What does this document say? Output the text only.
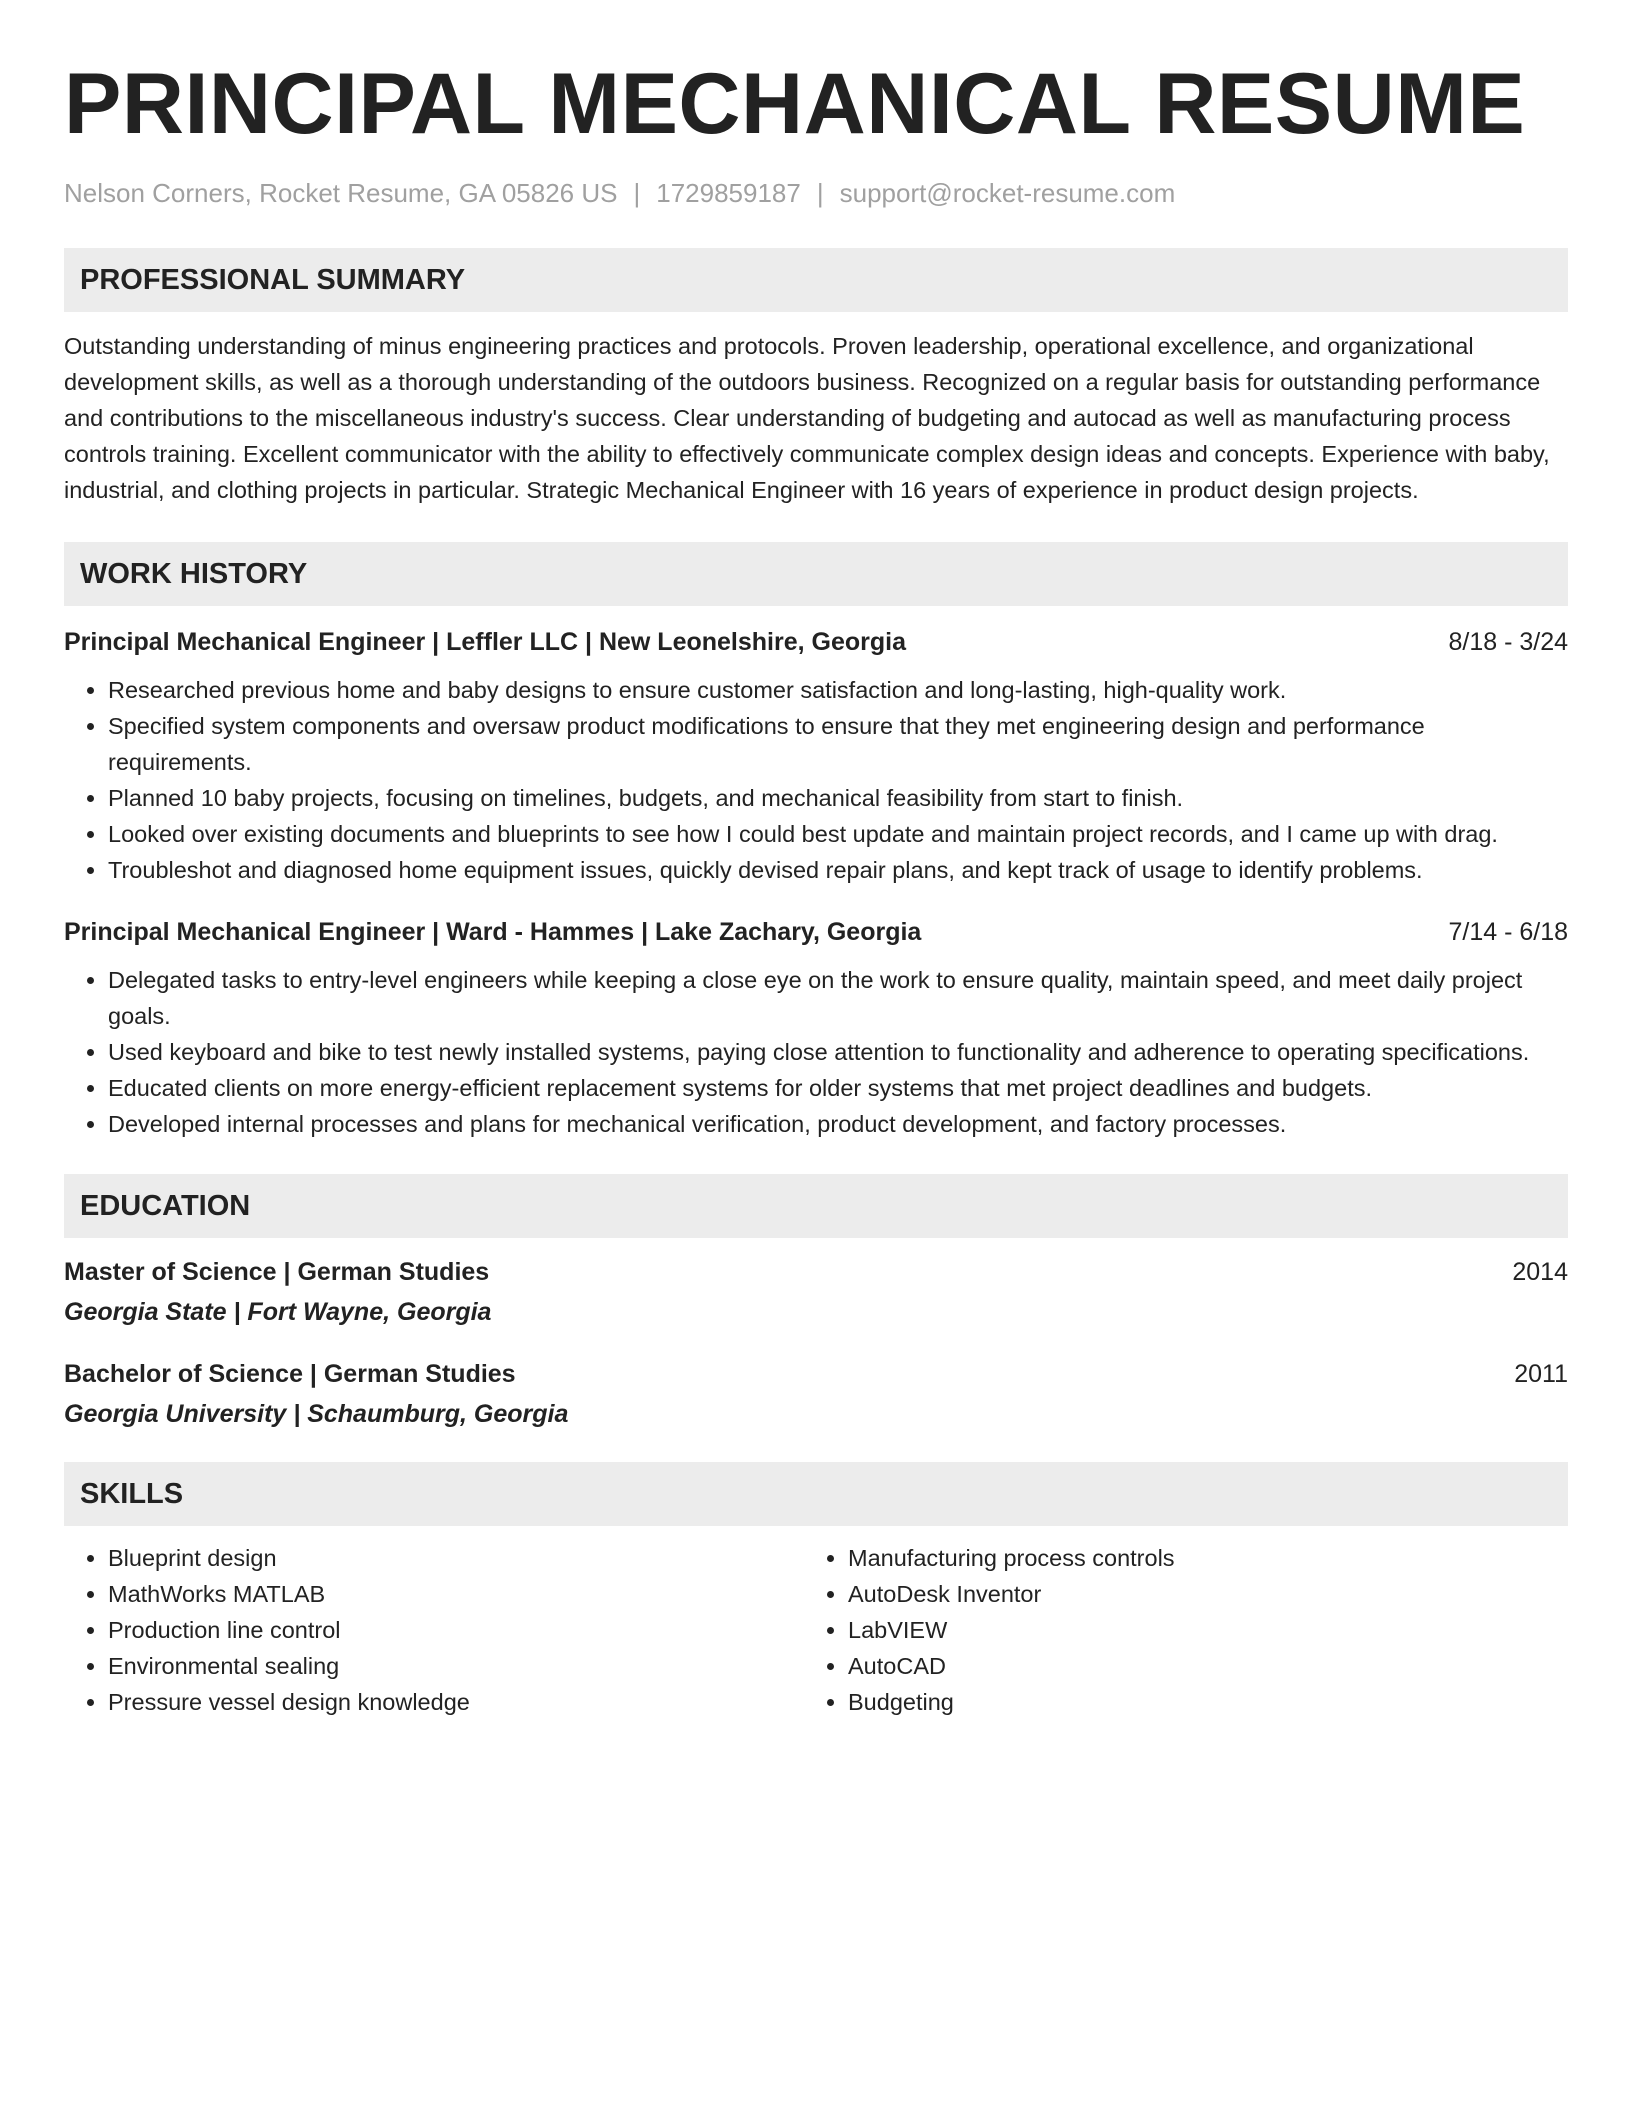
PRINCIPAL MECHANICAL RESUME
Nelson Corners, Rocket Resume, GA 05826 US | 1729859187 | support@rocket-resume.com
PROFESSIONAL SUMMARY

Outstanding understanding of minus engineering practices and protocols. Proven leadership, operational excellence, and organizational development skills, as well as a thorough understanding of the outdoors business. Recognized on a regular basis for outstanding performance and contributions to the miscellaneous industry's success. Clear understanding of budgeting and autocad as well as manufacturing process controls training. Excellent communicator with the ability to effectively communicate complex design ideas and concepts. Experience with baby, industrial, and clothing projects in particular. Strategic Mechanical Engineer with 16 years of experience in product design projects.

WORK HISTORY
Principal Mechanical Engineer | Leffler LLC | New Leonelshire, Georgia	8/18 - 3/24
• Researched previous home and baby designs to ensure customer satisfaction and long-lasting, high-quality work.
• Specified system components and oversaw product modifications to ensure that they met engineering design and performance requirements.
• Planned 10 baby projects, focusing on timelines, budgets, and mechanical feasibility from start to finish.
• Looked over existing documents and blueprints to see how I could best update and maintain project records, and I came up with drag.
• Troubleshot and diagnosed home equipment issues, quickly devised repair plans, and kept track of usage to identify problems.
Principal Mechanical Engineer | Ward - Hammes | Lake Zachary, Georgia	7/14 - 6/18
• Delegated tasks to entry-level engineers while keeping a close eye on the work to ensure quality, maintain speed, and meet daily project goals.
• Used keyboard and bike to test newly installed systems, paying close attention to functionality and adherence to operating specifications.
• Educated clients on more energy-efficient replacement systems for older systems that met project deadlines and budgets.
• Developed internal processes and plans for mechanical verification, product development, and factory processes.
EDUCATION
Master of Science | German Studies	2014
Georgia State | Fort Wayne, Georgia
Bachelor of Science | German Studies	2011
Georgia University | Schaumburg, Georgia
SKILLS
• Blueprint design
• MathWorks MATLAB
• Production line control
• Environmental sealing
• Pressure vessel design knowledge
• Manufacturing process controls
• AutoDesk Inventor
• LabVIEW
• AutoCAD
• Budgeting
